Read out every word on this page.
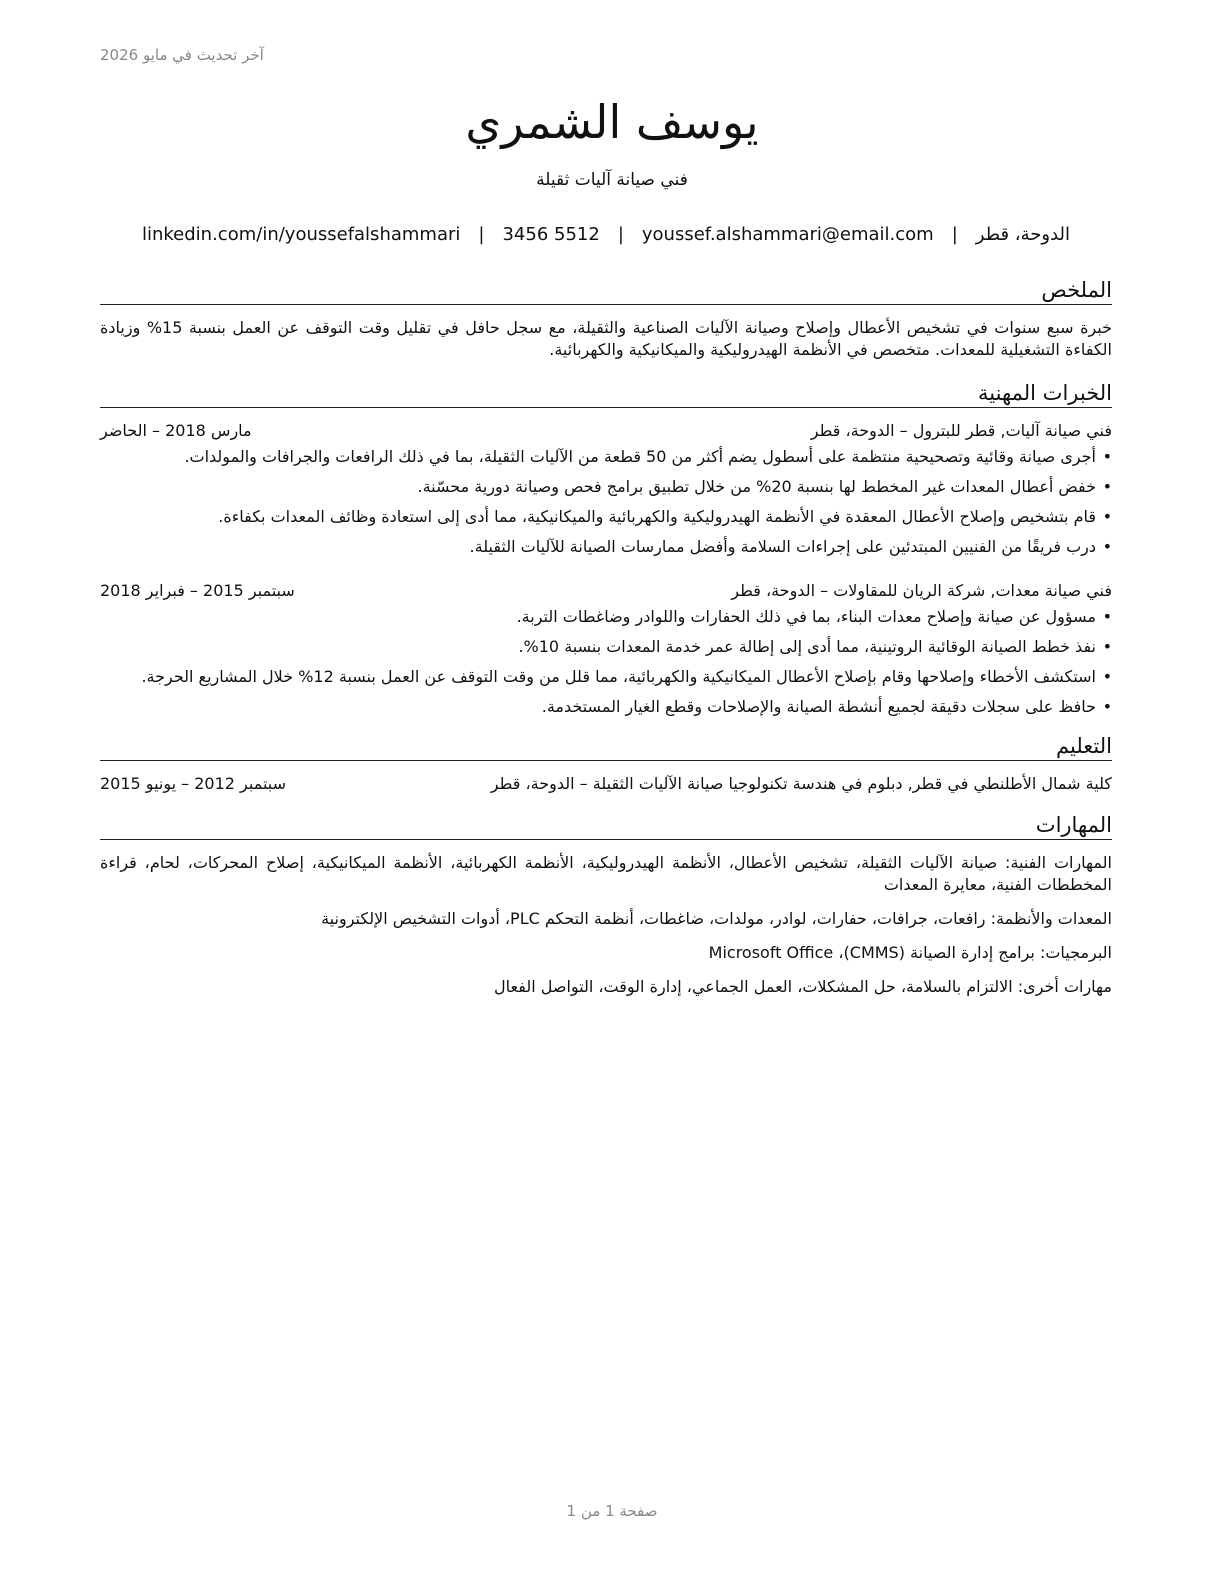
آخر تحديث في مايو 2026
يوسف الشمري
فني صيانة آليات ثقيلة
الدوحة، قطر
|
youssef.alshammari@email.com
|
3456 5512
|
linkedin.com/in/youssefalshammari
الملخص
خبرة سبع سنوات في تشخيص الأعطال وإصلاح وصيانة الآليات الصناعية والثقيلة، مع سجل حافل في تقليل وقت التوقف عن العمل بنسبة 15% وزيادة الكفاءة التشغيلية للمعدات. متخصص في الأنظمة الهيدروليكية والميكانيكية والكهربائية.
الخبرات المهنية
فني صيانة آليات, قطر للبترول – الدوحة، قطر
مارس 2018 – الحاضر
• أجرى صيانة وقائية وتصحيحية منتظمة على أسطول يضم أكثر من 50 قطعة من الآليات الثقيلة، بما في ذلك الرافعات والجرافات والمولدات.
• خفض أعطال المعدات غير المخطط لها بنسبة 20% من خلال تطبيق برامج فحص وصيانة دورية محسّنة.
• قام بتشخيص وإصلاح الأعطال المعقدة في الأنظمة الهيدروليكية والكهربائية والميكانيكية، مما أدى إلى استعادة وظائف المعدات بكفاءة.
• درب فريقًا من الفنيين المبتدئين على إجراءات السلامة وأفضل ممارسات الصيانة للآليات الثقيلة.
فني صيانة معدات, شركة الريان للمقاولات – الدوحة، قطر
سبتمبر 2015 – فبراير 2018
• مسؤول عن صيانة وإصلاح معدات البناء، بما في ذلك الحفارات واللوادر وضاغطات التربة.
• نفذ خطط الصيانة الوقائية الروتينية، مما أدى إلى إطالة عمر خدمة المعدات بنسبة 10%.
• استكشف الأخطاء وإصلاحها وقام بإصلاح الأعطال الميكانيكية والكهربائية، مما قلل من وقت التوقف عن العمل بنسبة 12% خلال المشاريع الحرجة.
• حافظ على سجلات دقيقة لجميع أنشطة الصيانة والإصلاحات وقطع الغيار المستخدمة.
التعليم
كلية شمال الأطلنطي في قطر, دبلوم في هندسة تكنولوجيا صيانة الآليات الثقيلة – الدوحة، قطر
سبتمبر 2012 – يونيو 2015
المهارات
المهارات الفنية: صيانة الآليات الثقيلة، تشخيص الأعطال، الأنظمة الهيدروليكية، الأنظمة الكهربائية، الأنظمة الميكانيكية، إصلاح المحركات، لحام، قراءة المخططات الفنية، معايرة المعدات
المعدات والأنظمة: رافعات، جرافات، حفارات، لوادر، مولدات، ضاغطات، أنظمة التحكم PLC، أدوات التشخيص الإلكترونية
البرمجيات: برامج إدارة الصيانة (CMMS)، Microsoft Office
مهارات أخرى: الالتزام بالسلامة، حل المشكلات، العمل الجماعي، إدارة الوقت، التواصل الفعال
صفحة 1 من 1
